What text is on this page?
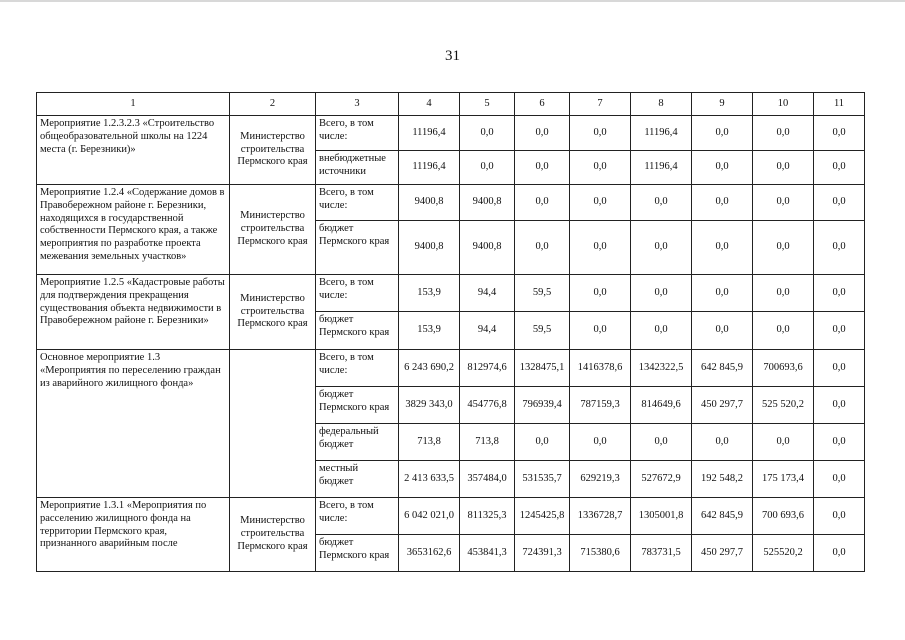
31
1	2	3	4	5	6	7	8	9	10	11
Мероприятие 1.2.3.2.3 «Строительство общеобразовательной школы на 1224 места (г. Березники)»	Министерство строительства Пермского края	Всего, в том числе:	11196,4	0,0	0,0	0,0	11196,4	0,0	0,0	0,0
		внебюджетные источники	11196,4	0,0	0,0	0,0	11196,4	0,0	0,0	0,0
Мероприятие 1.2.4 «Содержание домов в Правобережном районе г. Березники, находящихся в государственной собственности Пермского края, а также мероприятия по разработке проекта межевания земельных участков»	Министерство строительства Пермского края	Всего, в том числе:	9400,8	9400,8	0,0	0,0	0,0	0,0	0,0	0,0
		бюджет Пермского края	9400,8	9400,8	0,0	0,0	0,0	0,0	0,0	0,0
Мероприятие 1.2.5 «Кадастровые работы для подтверждения прекращения существования объекта недвижимости в Правобережном районе г. Березники»	Министерство строительства Пермского края	Всего, в том числе:	153,9	94,4	59,5	0,0	0,0	0,0	0,0	0,0
		бюджет Пермского края	153,9	94,4	59,5	0,0	0,0	0,0	0,0	0,0
Основное мероприятие 1.3 «Мероприятия по переселению граждан из аварийного жилищного фонда»		Всего, в том числе:	6 243 690,2	812974,6	1328475,1	1416378,6	1342322,5	642 845,9	700693,6	0,0
		бюджет Пермского края	3829 343,0	454776,8	796939,4	787159,3	814649,6	450 297,7	525 520,2	0,0
		федеральный бюджет	713,8	713,8	0,0	0,0	0,0	0,0	0,0	0,0
		местный бюджет	2 413 633,5	357484,0	531535,7	629219,3	527672,9	192 548,2	175 173,4	0,0
Мероприятие 1.3.1 «Мероприятия по расселению жилищного фонда на территории Пермского края, признанного аварийным после	Министерство строительства Пермского края	Всего, в том числе:	6 042 021,0	811325,3	1245425,8	1336728,7	1305001,8	642 845,9	700 693,6	0,0
		бюджет Пермского края	3653162,6	453841,3	724391,3	715380,6	783731,5	450 297,7	525520,2	0,0
